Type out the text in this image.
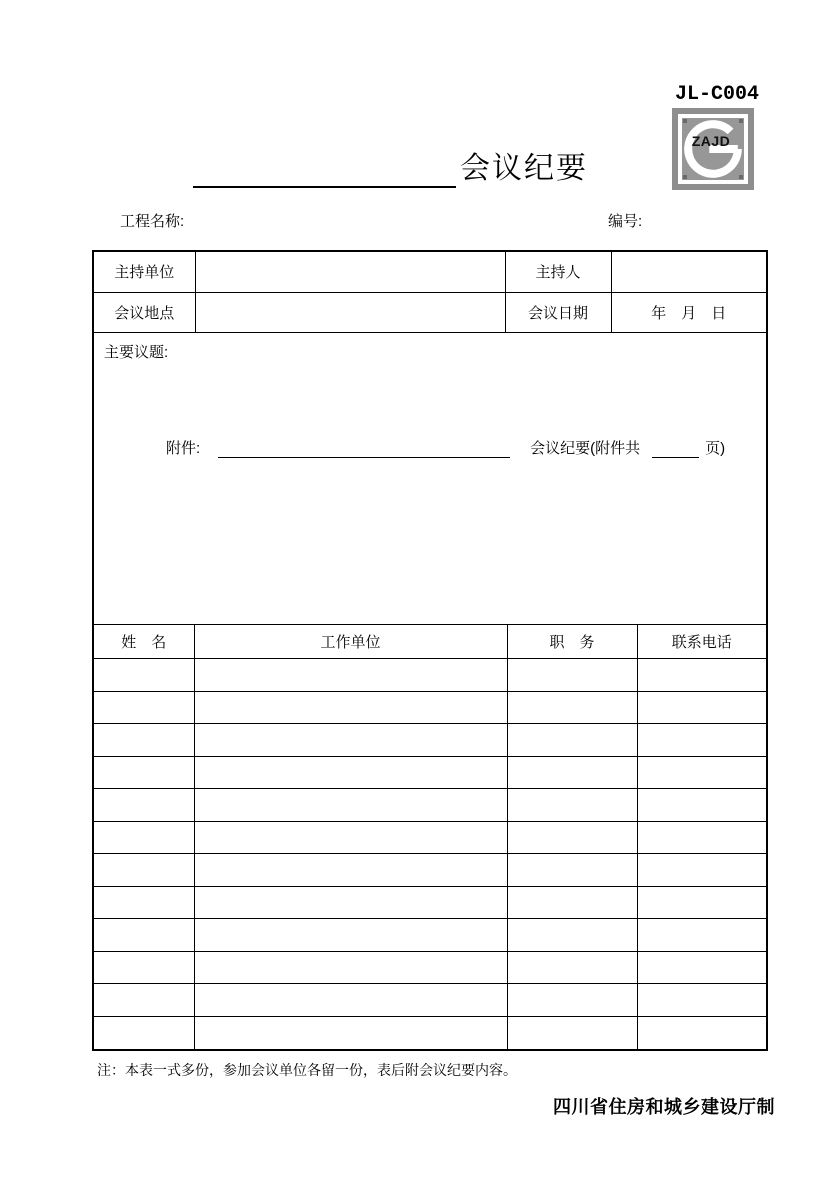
JL-C004
ZAJD
会议纪要
工程名称:	编号:
主持单位		主持人	
会议地点		会议日期	年　月　日
主要议题:
附件: 会议纪要(附件共 页)			
姓　名	工作单位	职　务	联系电话

注：本表一式多份，参加会议单位各留一份，表后附会议纪要内容。
四川省住房和城乡建设厅制
